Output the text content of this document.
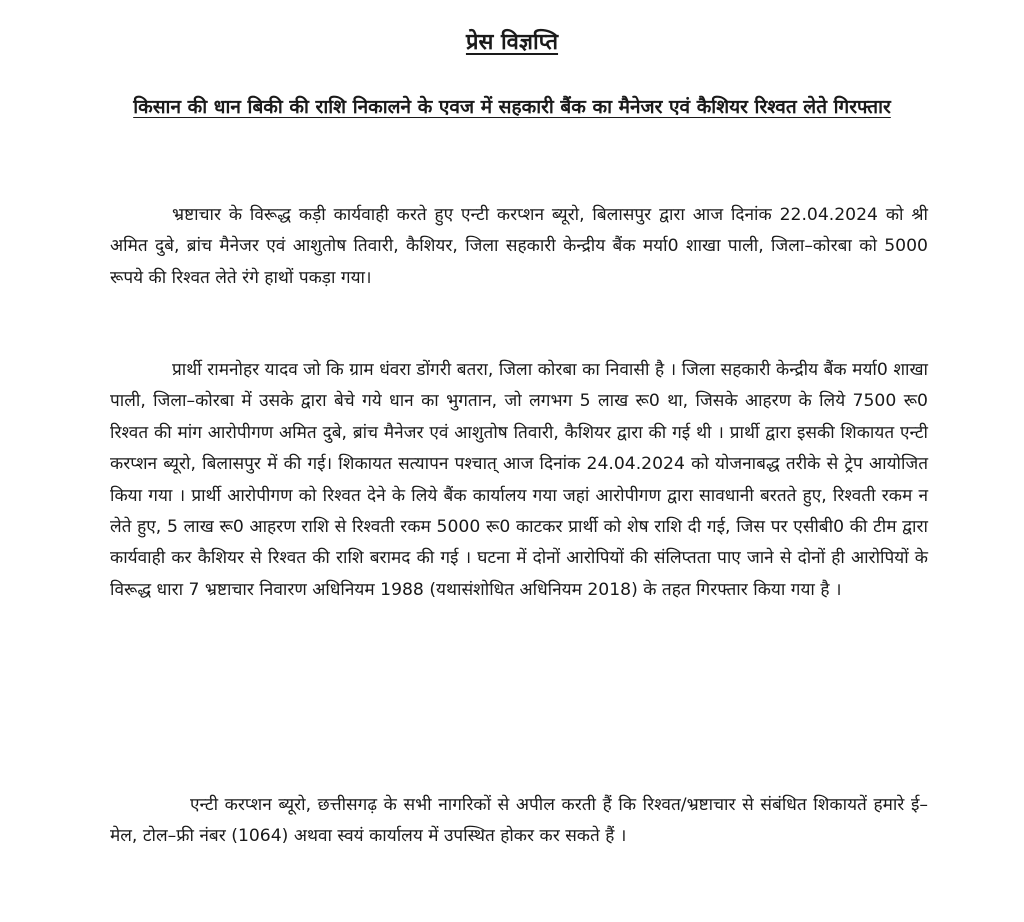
प्रेस विज्ञप्ति
किसान की धान बिकी की राशि निकालने के एवज में सहकारी बैंक का मैनेजर एवं कैशियर रिश्वत लेते गिरफ्तार

भ्रष्टाचार के विरूद्ध कड़ी कार्यवाही करते हुए एन्टी करप्शन ब्यूरो, बिलासपुर द्वारा आज दिनांक 22.04.2024 को श्री अमित दुबे, ब्रांच मैनेजर एवं आशुतोष तिवारी, कैशियर, जिला सहकारी केन्द्रीय बैंक मर्या0 शाखा पाली, जिला–कोरबा को 5000 रूपये की रिश्वत लेते रंगे हाथों पकड़ा गया।

प्रार्थी रामनोहर यादव जो कि ग्राम धंवरा डोंगरी बतरा, जिला कोरबा का निवासी है । जिला सहकारी केन्द्रीय बैंक मर्या0 शाखा पाली, जिला–कोरबा में उसके द्वारा बेचे गये धान का भुगतान, जो लगभग 5 लाख रू0 था, जिसके आहरण के लिये 7500 रू0 रिश्वत की मांग आरोपीगण अमित दुबे, ब्रांच मैनेजर एवं आशुतोष तिवारी, कैशियर द्वारा की गई थी । प्रार्थी द्वारा इसकी शिकायत एन्टी करप्शन ब्यूरो, बिलासपुर में की गई। शिकायत सत्यापन पश्चात् आज दिनांक 24.04.2024 को योजनाबद्ध तरीके से ट्रेप आयोजित किया गया । प्रार्थी आरोपीगण को रिश्वत देने के लिये बैंक कार्यालय गया जहां आरोपीगण द्वारा सावधानी बरतते हुए, रिश्वती रकम न लेते हुए, 5 लाख रू0 आहरण राशि से रिश्वती रकम 5000 रू0 काटकर प्रार्थी को शेष राशि दी गई, जिस पर एसीबी0 की टीम द्वारा कार्यवाही कर कैशियर से रिश्वत की राशि बरामद की गई । घटना में दोनों आरोपियों की संलिप्तता पाए जाने से दोनों ही आरोपियों के विरूद्ध धारा 7 भ्रष्टाचार निवारण अधिनियम 1988 (यथासंशोधित अधिनियम 2018) के तहत गिरफ्तार किया गया है ।

एन्टी करप्शन ब्यूरो, छत्तीसगढ़ के सभी नागरिकों से अपील करती हैं कि रिश्वत/भ्रष्टाचार से संबंधित शिकायतें हमारे ई–मेल, टोल–फ्री नंबर (1064) अथवा स्वयं कार्यालय में उपस्थित होकर कर सकते हैं ।
